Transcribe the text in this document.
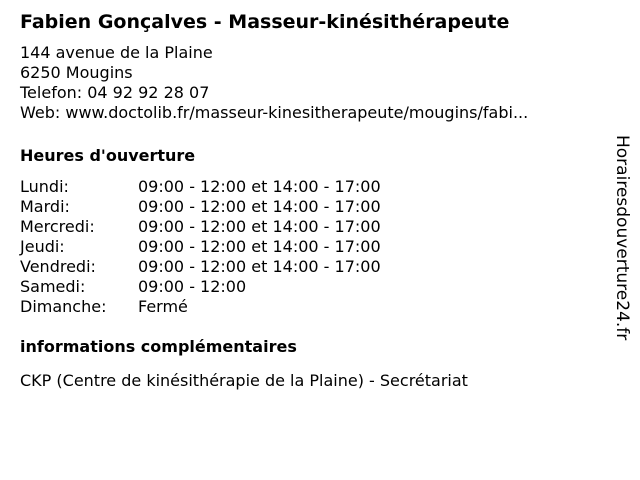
Fabien Gonçalves - Masseur-kinésithérapeute
144 avenue de la Plaine
6250 Mougins
Telefon: 04 92 92 28 07
Web: www.doctolib.fr/masseur-kinesitherapeute/mougins/fabi...
Heures d'ouverture
Lundi:	09:00 - 12:00 et 14:00 - 17:00
Mardi:	09:00 - 12:00 et 14:00 - 17:00
Mercredi:	09:00 - 12:00 et 14:00 - 17:00
Jeudi:	09:00 - 12:00 et 14:00 - 17:00
Vendredi:	09:00 - 12:00 et 14:00 - 17:00
Samedi:	09:00 - 12:00
Dimanche:	Fermé
informations complémentaires
CKP (Centre de kinésithérapie de la Plaine) - Secrétariat
Horairesdouverture24.fr
